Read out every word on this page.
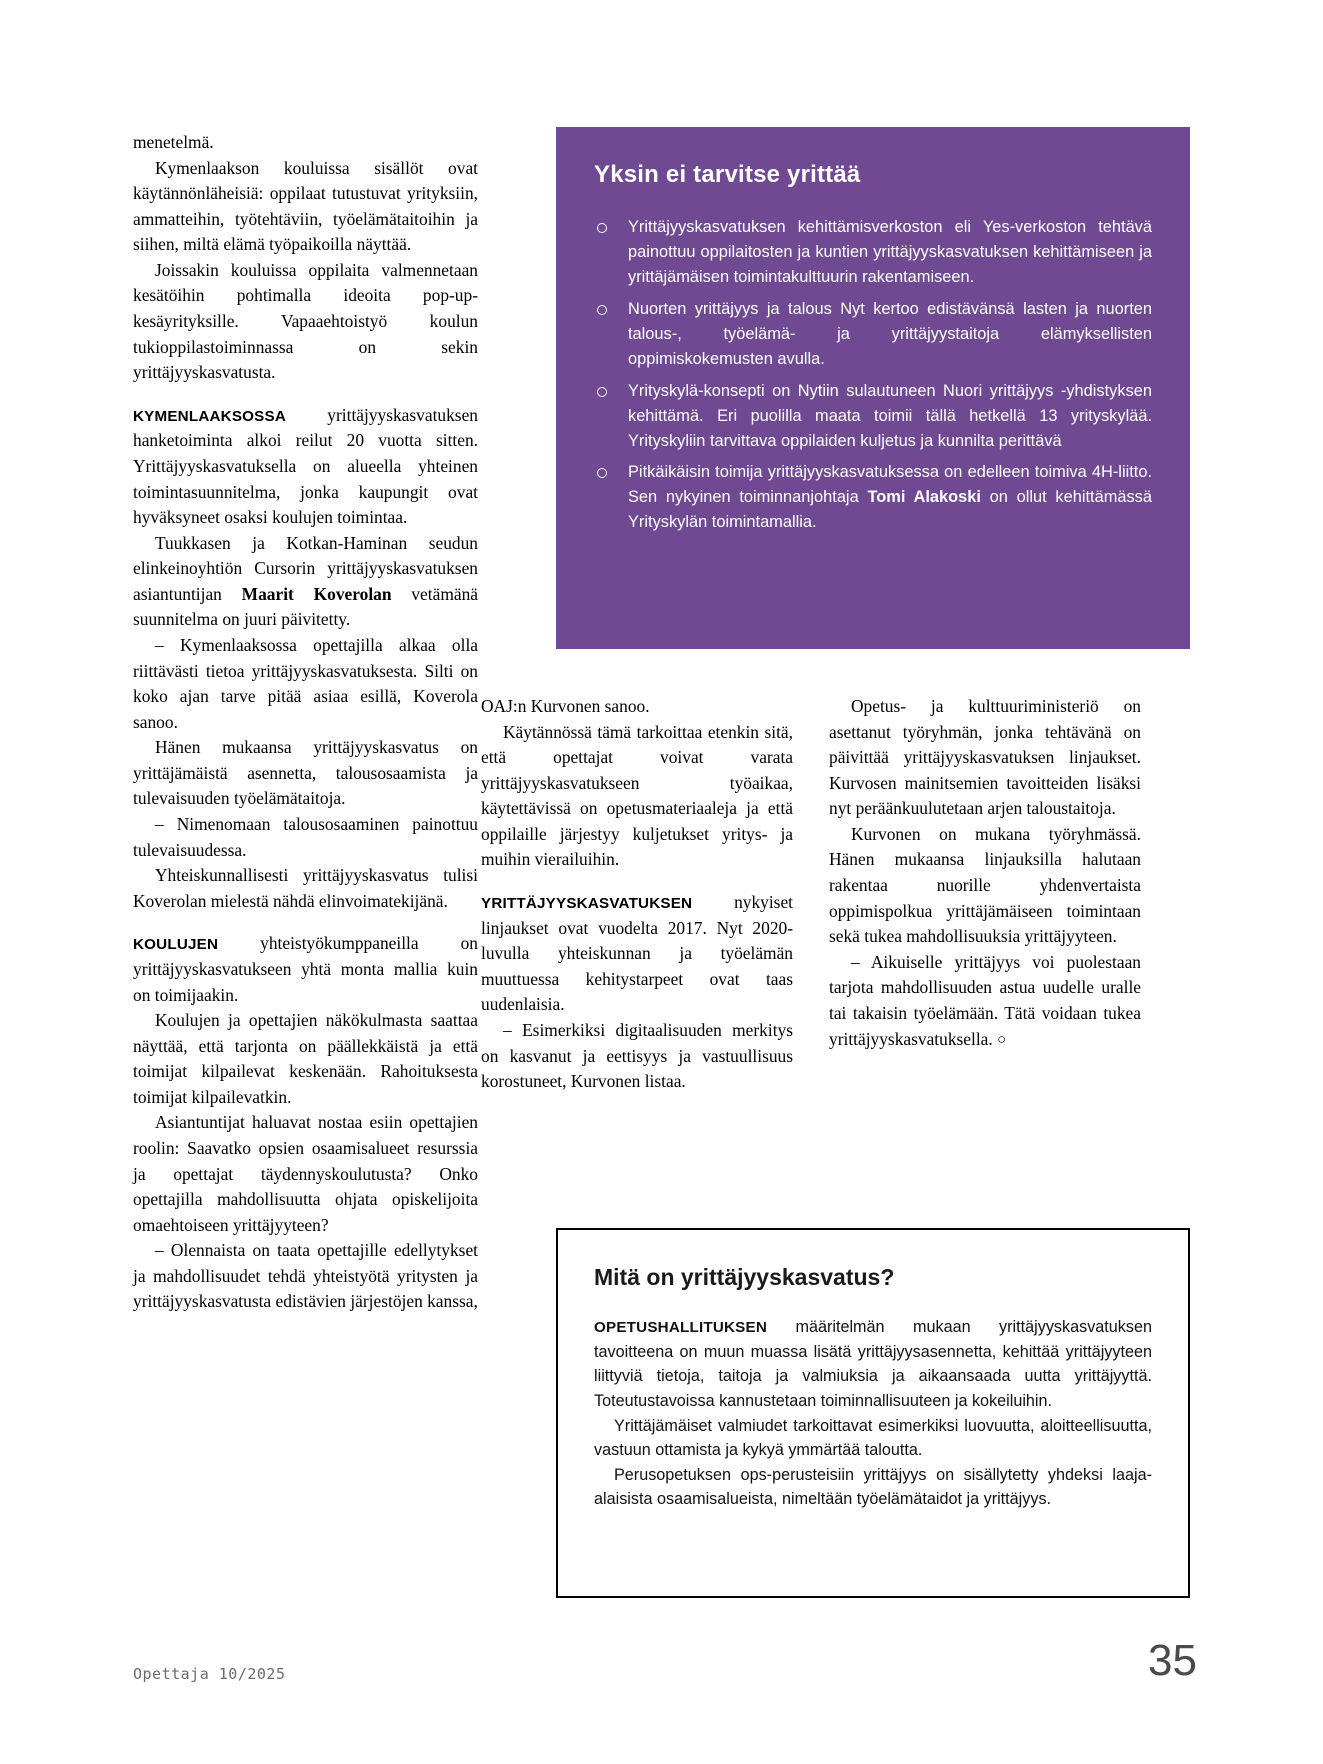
menetelmä.

Kymenlaakson kouluissa sisällöt ovat käytännönläheisiä: oppilaat tutustuvat yrityksiin, ammatteihin, työtehtäviin, työelämätaitoihin ja siihen, miltä elämä työpaikoilla näyttää.

Joissakin kouluissa oppilaita valmennetaan kesätöihin pohtimalla ideoita pop-up-kesäyrityksille. Vapaaehtoistyö koulun tukioppilastoiminnassa on sekin yrittäjyyskasvatusta.

KYMENLAAKSOSSA yrittäjyyskasvatuksen hanketoiminta alkoi reilut 20 vuotta sitten. Yrittäjyyskasvatuksella on alueella yhteinen toimintasuunnitelma, jonka kaupungit ovat hyväksyneet osaksi koulujen toimintaa.

Tuukkasen ja Kotkan-Haminan seudun elinkeinoyhtiön Cursorin yrittäjyyskasvatuksen asiantuntijan Maarit Koverolan vetämänä suunnitelma on juuri päivitetty.

– Kymenlaaksossa opettajilla alkaa olla riittävästi tietoa yrittäjyyskasvatuksesta. Silti on koko ajan tarve pitää asiaa esillä, Koverola sanoo.

Hänen mukaansa yrittäjyyskasvatus on yrittäjämäistä asennetta, talousosaamista ja tulevaisuuden työelämätaitoja.

– Nimenomaan talousosaaminen painottuu tulevaisuudessa.

Yhteiskunnallisesti yrittäjyyskasvatus tulisi Koverolan mielestä nähdä elinvoimatekijänä.

KOULUJEN yhteistyökumppaneilla on yrittäjyyskasvatukseen yhtä monta mallia kuin on toimijaakin.

Koulujen ja opettajien näkökulmasta saattaa näyttää, että tarjonta on päällekkäistä ja että toimijat kilpailevat keskenään. Rahoituksesta toimijat kilpailevatkin.

Asiantuntijat haluavat nostaa esiin opettajien roolin: Saavatko opsien osaamisalueet resurssia ja opettajat täydennyskoulutusta? Onko opettajilla mahdollisuutta ohjata opiskelijoita omaehtoiseen yrittäjyyteen?

– Olennaista on taata opettajille edellytykset ja mahdollisuudet tehdä yhteistyötä yritysten ja yrittäjyyskasvatusta edistävien järjestöjen kanssa,

Yksin ei tarvitse yrittää
Yrittäjyyskasvatuksen kehittämisverkoston eli Yes-verkoston tehtävä painottuu oppilaitosten ja kuntien yrittäjyyskasvatuksen kehittämiseen ja yrittäjämäisen toimintakulttuurin rakentamiseen.
Nuorten yrittäjyys ja talous Nyt kertoo edistävänsä lasten ja nuorten talous-, työelämä- ja yrittäjyystaitoja elämyksellisten oppimiskokemusten avulla.
Yrityskylä-konsepti on Nytiin sulautuneen Nuori yrittäjyys -yhdistyksen kehittämä. Eri puolilla maata toimii tällä hetkellä 13 yrityskylää. Yrityskyliin tarvittava oppilaiden kuljetus ja kunnilta perittävä
Pitkäikäisin toimija yrittäjyyskasvatuksessa on edelleen toimiva 4H-liitto. Sen nykyinen toiminnanjohtaja Tomi Alakoski on ollut kehittämässä Yrityskylän toimintamallia.

OAJ:n Kurvonen sanoo.

Käytännössä tämä tarkoittaa etenkin sitä, että opettajat voivat varata yrittäjyyskasvatukseen työaikaa, käytettävissä on opetusmateriaaleja ja että oppilaille järjestyy kuljetukset yritys- ja muihin vierailuihin.

YRITTÄJYYSKASVATUKSEN nykyiset linjaukset ovat vuodelta 2017. Nyt 2020-luvulla yhteiskunnan ja työelämän muuttuessa kehitystarpeet ovat taas uudenlaisia.

– Esimerkiksi digitaalisuuden merkitys on kasvanut ja eettisyys ja vastuullisuus korostuneet, Kurvonen listaa.

Opetus- ja kulttuuriministeriö on asettanut työryhmän, jonka tehtävänä on päivittää yrittäjyyskasvatuksen linjaukset. Kurvosen mainitsemien tavoitteiden lisäksi nyt peräänkuulutetaan arjen taloustaitoja.

Kurvonen on mukana työryhmässä. Hänen mukaansa linjauksilla halutaan rakentaa nuorille yhdenvertaista oppimispolkua yrittäjämäiseen toimintaan sekä tukea mahdollisuuksia yrittäjyyteen.

– Aikuiselle yrittäjyys voi puolestaan tarjota mahdollisuuden astua uudelle uralle tai takaisin työelämään. Tätä voidaan tukea yrittäjyyskasvatuksella. ○

Mitä on yrittäjyyskasvatus?

OPETUSHALLITUKSEN määritelmän mukaan yrittäjyyskasvatuksen tavoitteena on muun muassa lisätä yrittäjyysasennetta, kehittää yrittäjyyteen liittyviä tietoja, taitoja ja valmiuksia ja aikaansaada uutta yrittäjyyttä. Toteutustavoissa kannustetaan toiminnallisuuteen ja kokeiluihin.

Yrittäjämäiset valmiudet tarkoittavat esimerkiksi luovuutta, aloitteellisuutta, vastuun ottamista ja kykyä ymmärtää taloutta.

Perusopetuksen ops-perusteisiin yrittäjyys on sisällytetty yhdeksi laaja-alaisista osaamisalueista, nimeltään työelämätaidot ja yrittäjyys.

Opettaja 10/2025	35
